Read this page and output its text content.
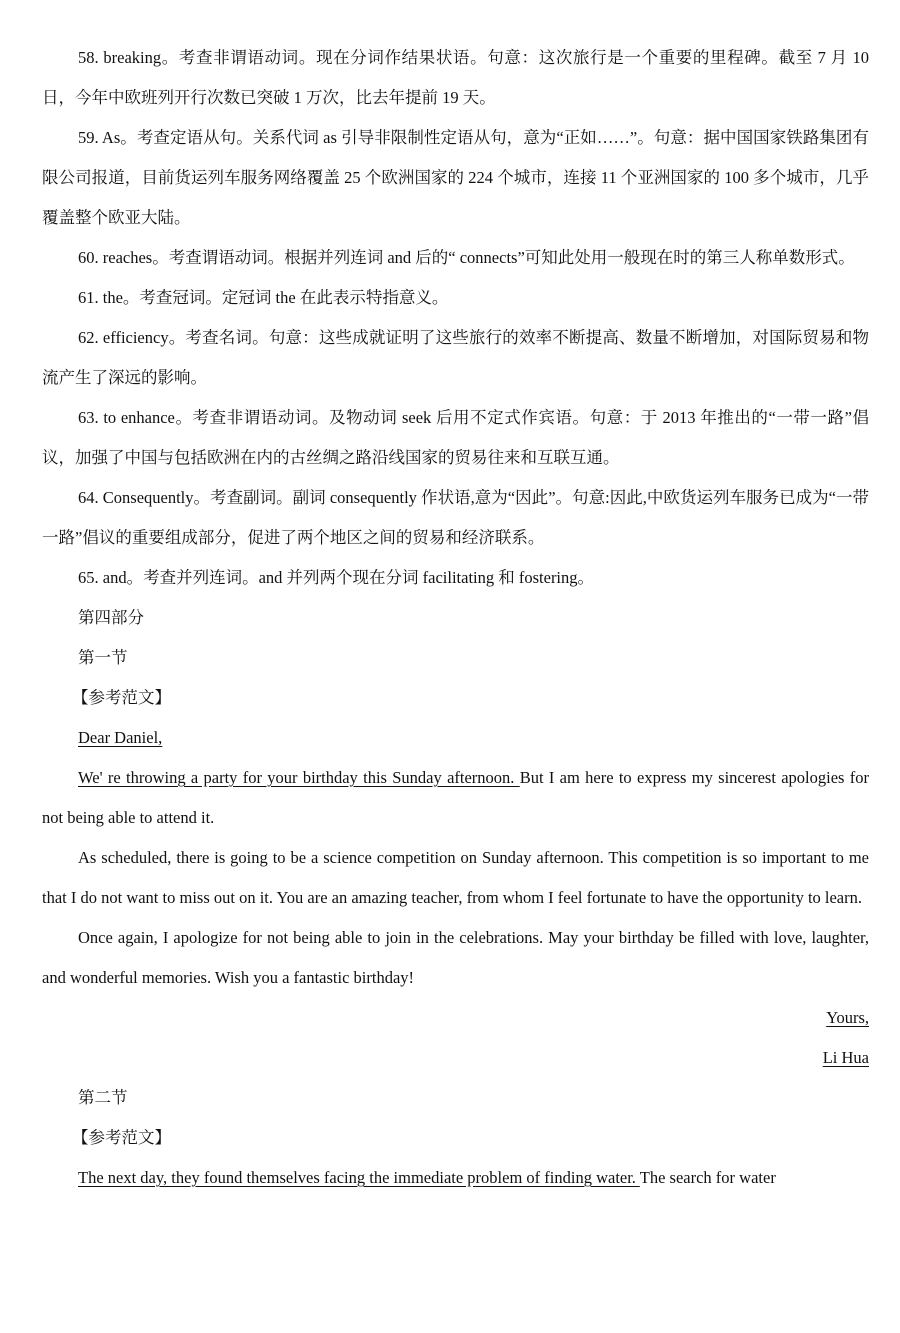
58. breaking。考查非谓语动词。现在分词作结果状语。句意：这次旅行是一个重要的里程碑。截至 7 月 10 日，今年中欧班列开行次数已突破 1 万次，比去年提前 19 天。

59. As。考查定语从句。关系代词 as 引导非限制性定语从句，意为“正如……”。句意：据中国国家铁路集团有限公司报道，目前货运列车服务网络覆盖 25 个欧洲国家的 224 个城市，连接 11 个亚洲国家的 100 多个城市，几乎覆盖整个欧亚大陆。

60. reaches。考查谓语动词。根据并列连词 and 后的“ connects”可知此处用一般现在时的第三人称单数形式。

61. the。考查冠词。定冠词 the 在此表示特指意义。

62. efficiency。考查名词。句意：这些成就证明了这些旅行的效率不断提高、数量不断增加，对国际贸易和物流产生了深远的影响。

63. to enhance。考查非谓语动词。及物动词 seek 后用不定式作宾语。句意：于 2013 年推出的“一带一路”倡议，加强了中国与包括欧洲在内的古丝绸之路沿线国家的贸易往来和互联互通。

64. Consequently。考查副词。副词 consequently 作状语,意为“因此”。句意:因此,中欧货运列车服务已成为“一带一路”倡议的重要组成部分，促进了两个地区之间的贸易和经济联系。

65. and。考查并列连词。and 并列两个现在分词 facilitating 和 fostering。

第四部分

第一节

【参考范文】

Dear Daniel,

We' re throwing a party for your birthday this Sunday afternoon. But I am here to express my sincerest apologies for not being able to attend it.

As scheduled, there is going to be a science competition on Sunday afternoon. This competition is so important to me that I do not want to miss out on it. You are an amazing teacher, from whom I feel fortunate to have the opportunity to learn.

Once again, I apologize for not being able to join in the celebrations. May your birthday be filled with love, laughter, and wonderful memories. Wish you a fantastic birthday!

Yours,

Li Hua

第二节

【参考范文】

The next day, they found themselves facing the immediate problem of finding water. The search for water
